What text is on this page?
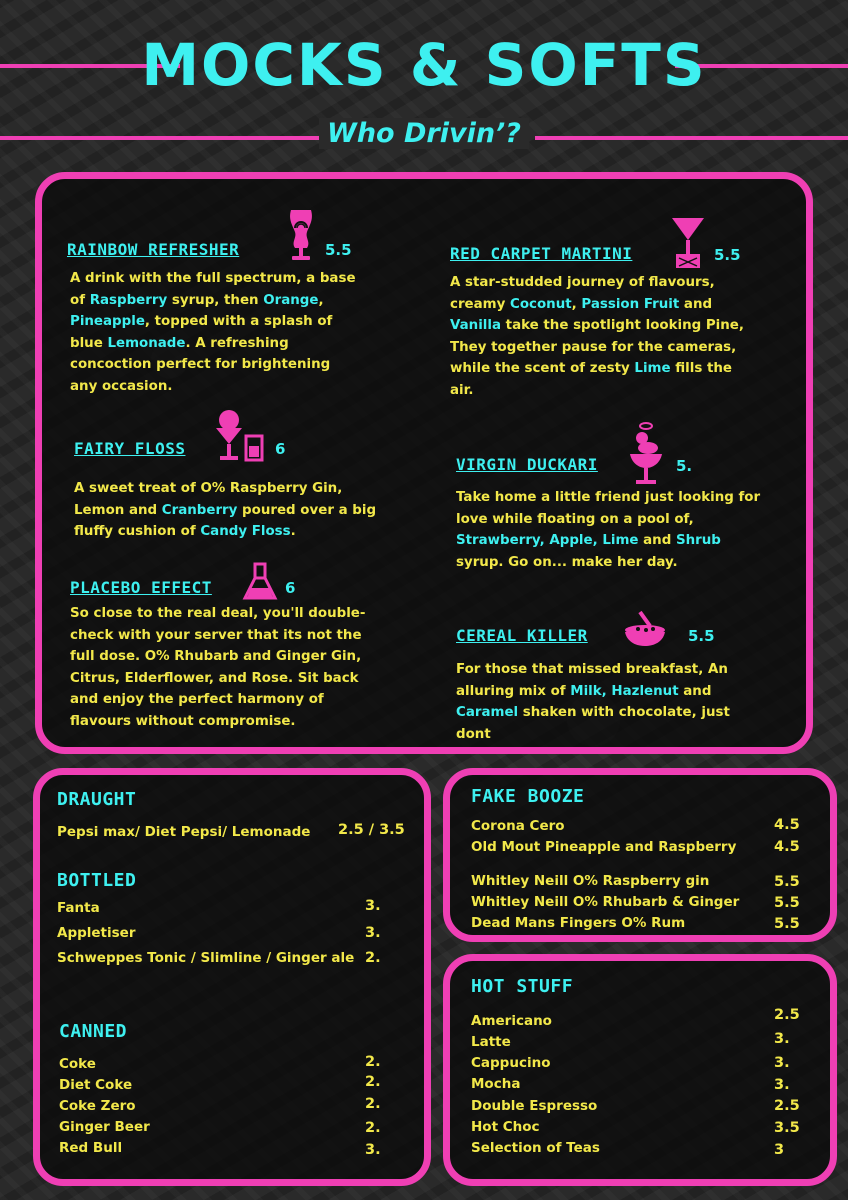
MOCKS & SOFTS
Who Drivin’?
RAINBOW REFRESHER	5.5
A drink with the full spectrum, a base of Raspberry syrup, then Orange,
Pineapple, topped with a splash of
blue Lemonade. A refreshing
concoction perfect for brightening
any occasion.
RED CARPET MARTINI	5.5
A star-studded journey of flavours,
creamy Coconut, Passion Fruit and
Vanilla take the spotlight looking Pine,
They together pause for the cameras,
while the scent of zesty Lime fills the
air.
FAIRY FLOSS	6
A sweet treat of O% Raspberry Gin,
Lemon and Cranberry poured over a big
fluffy cushion of Candy Floss.
VIRGIN DUCKARI	5.
Take home a little friend just looking for
love while floating on a pool of,
Strawberry, Apple, Lime and Shrub
syrup. Go on... make her day.
PLACEBO EFFECT	6
So close to the real deal, you'll double-
check with your server that its not the
full dose. O% Rhubarb and Ginger Gin,
Citrus, Elderflower, and Rose. Sit back
and enjoy the perfect harmony of
flavours without compromise.
CEREAL KILLER	5.5
For those that missed breakfast, An
alluring mix of Milk, Hazlenut and
Caramel shaken with chocolate, just
dont
DRAUGHT
Pepsi max/ Diet Pepsi/ Lemonade 2.5 / 3.5
BOTTLED
Fanta	3.
Appletiser	3.
Schweppes Tonic / Slimline / Ginger ale 2.
CANNED
Coke	2.
Diet Coke	2.
Coke Zero	2.
Ginger Beer	2.
Red Bull	3.
FAKE BOOZE
Corona Cero	4.5
Old Mout Pineapple and Raspberry	4.5
Whitley Neill O% Raspberry gin	5.5
Whitley Neill O% Rhubarb & Ginger 5.5
Dead Mans Fingers O% Rum	5.5
HOT STUFF
Americano	2.5
Latte	3.
Cappucino	3.
Mocha	3.
Double Espresso	2.5
Hot Choc	3.5
Selection of Teas	3
